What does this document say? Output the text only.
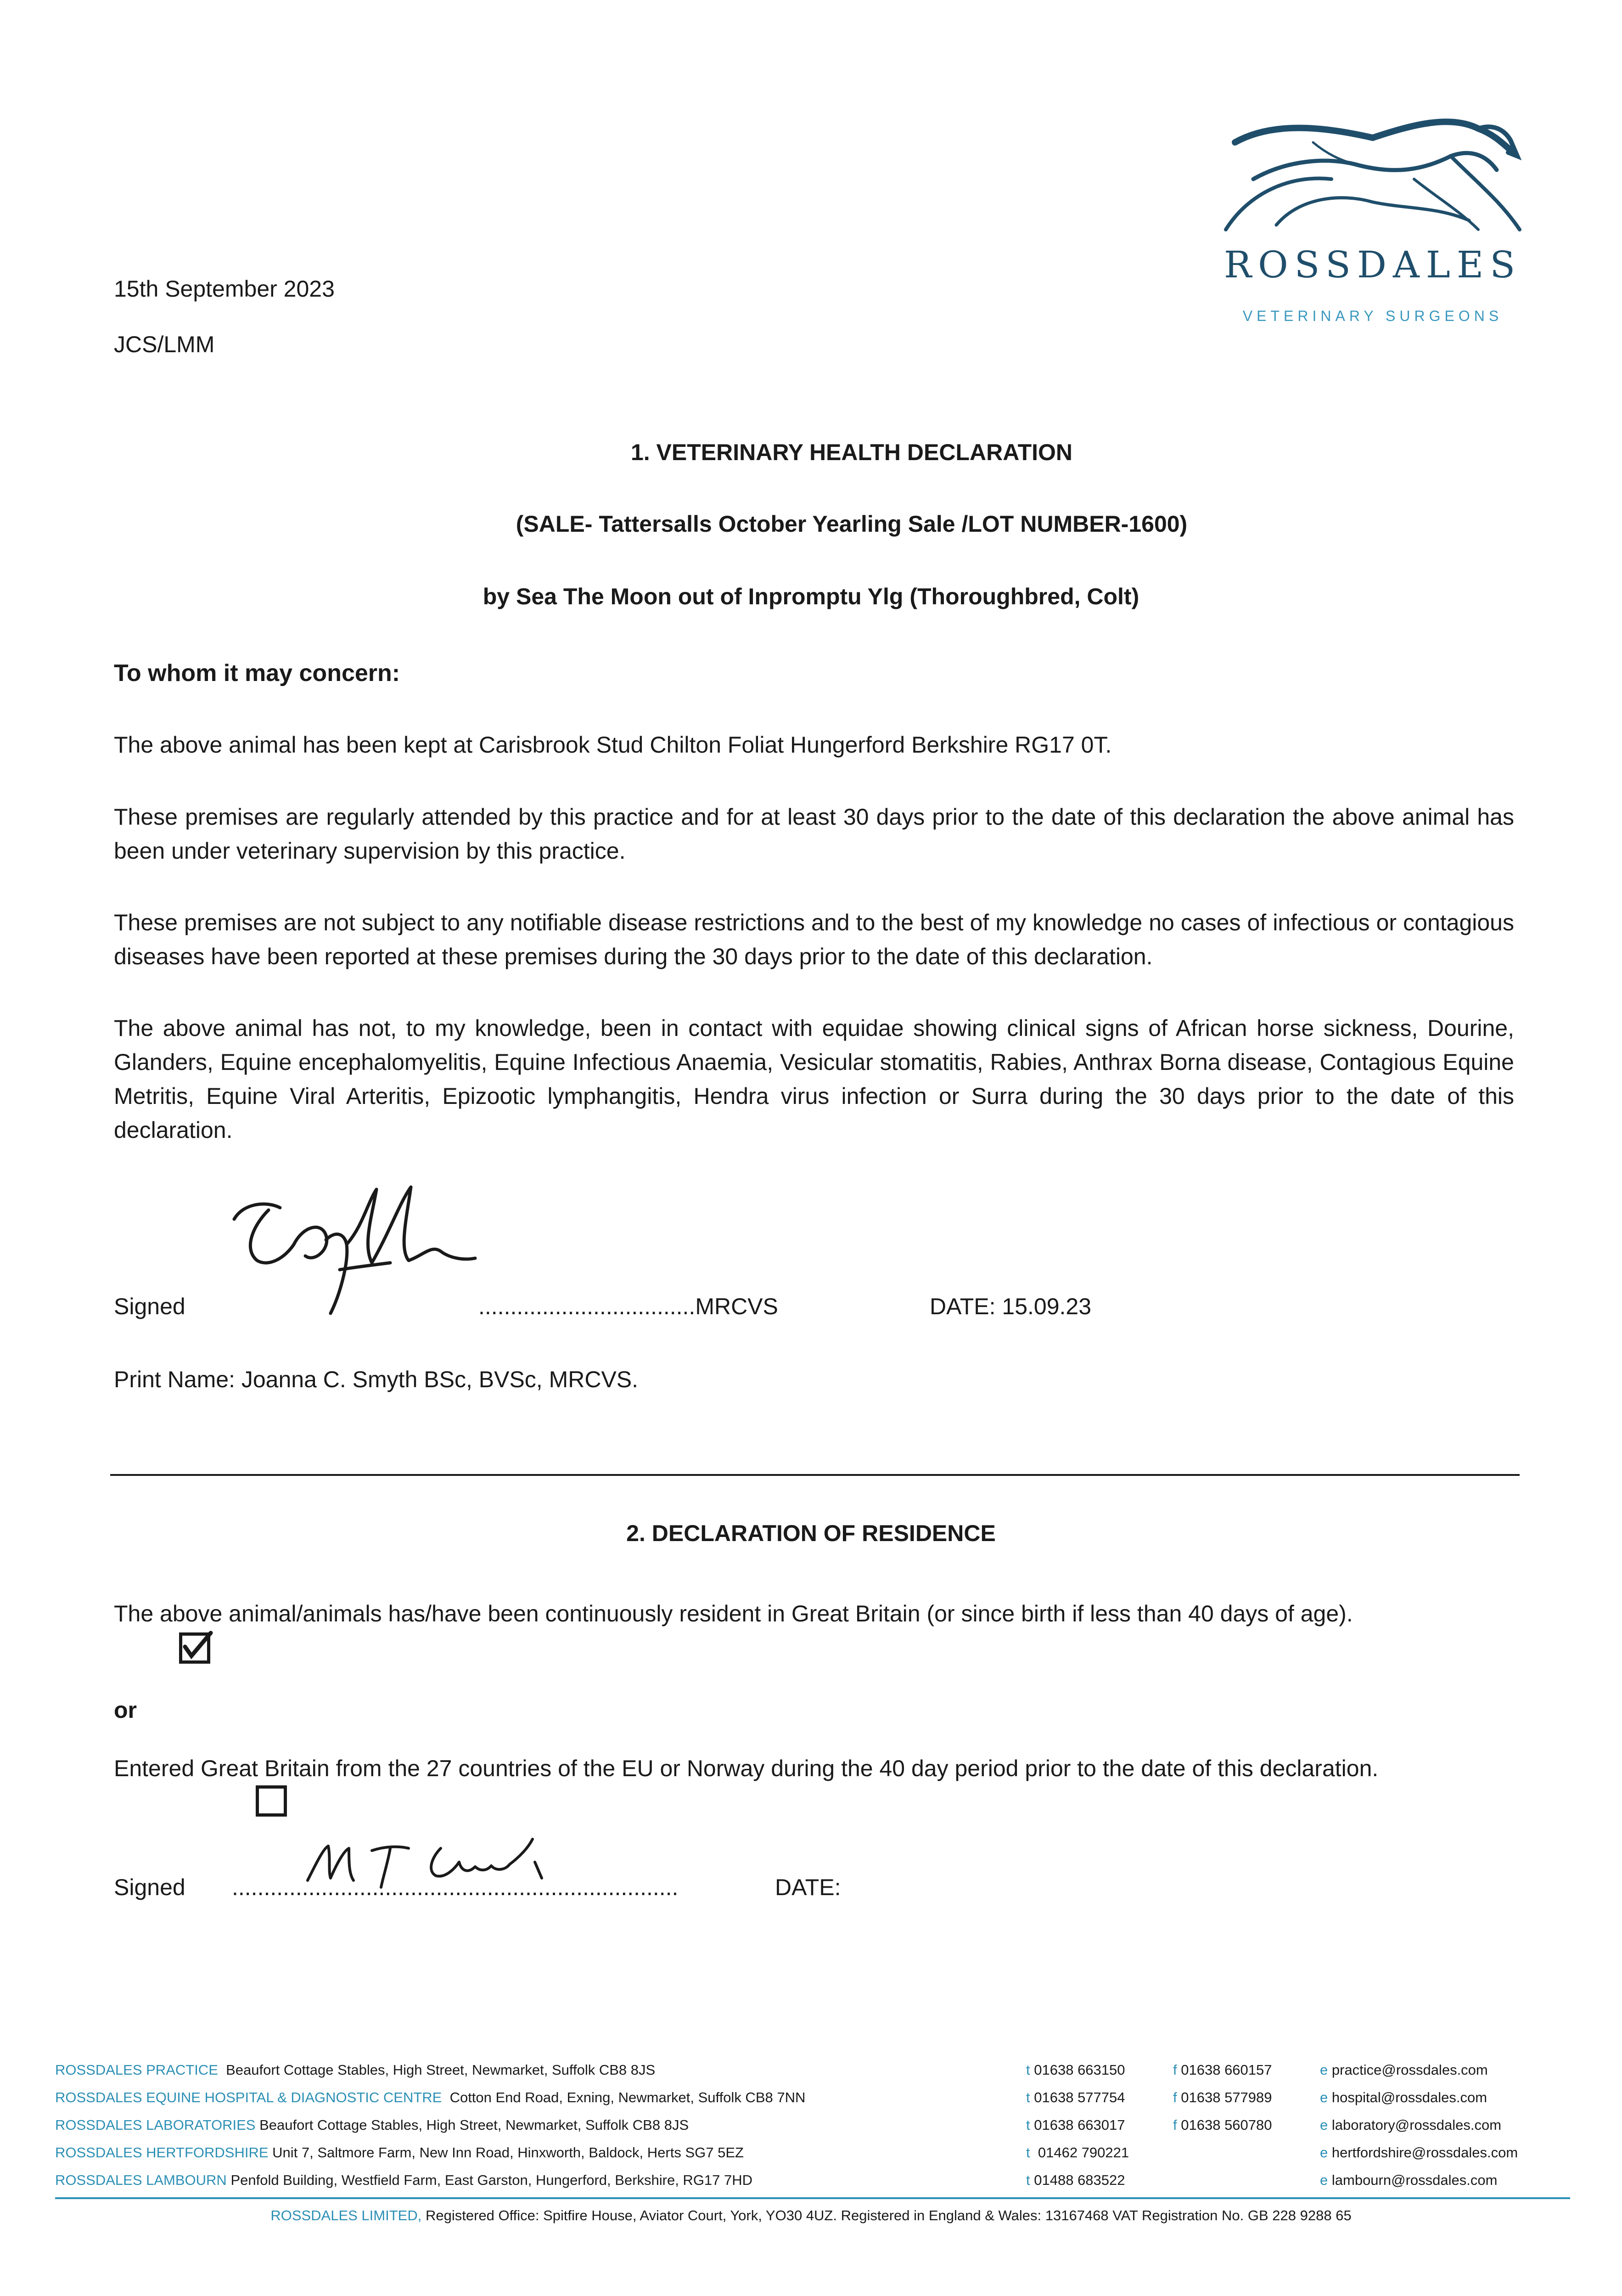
ROSSDALES
VETERINARY SURGEONS
15th September 2023
JCS/LMM
1. VETERINARY HEALTH DECLARATION
(SALE- Tattersalls October Yearling Sale /LOT NUMBER-1600)
by Sea The Moon out of Inpromptu Ylg (Thoroughbred, Colt)
To whom it may concern:
The above animal has been kept at Carisbrook Stud Chilton Foliat Hungerford Berkshire RG17 0T.
These premises are regularly attended by this practice and for at least 30 days prior to the date of this declaration the above animal has been under veterinary supervision by this practice.
These premises are not subject to any notifiable disease restrictions and to the best of my knowledge no cases of infectious or contagious diseases have been reported at these premises during the 30 days prior to the date of this declaration.
The above animal has not, to my knowledge, been in contact with equidae showing clinical signs of African horse sickness, Dourine, Glanders, Equine encephalomyelitis, Equine Infectious Anaemia, Vesicular stomatitis, Rabies, Anthrax Borna disease, Contagious Equine Metritis, Equine Viral Arteritis, Epizootic lymphangitis, Hendra virus infection or Surra during the 30 days prior to the date of this declaration.
Signed	..................................MRCVS	DATE: 15.09.23
Print Name: Joanna C. Smyth BSc, BVSc, MRCVS.
2. DECLARATION OF RESIDENCE
The above animal/animals has/have been continuously resident in Great Britain (or since birth if less than 40 days of age).
or
Entered Great Britain from the 27 countries of the EU or Norway during the 40 day period prior to the date of this declaration.
Signed ......................................................................	DATE:
ROSSDALES PRACTICE Beaufort Cottage Stables, High Street, Newmarket, Suffolk CB8 8JS	t 01638 663150	f 01638 660157	e practice@rossdales.com
ROSSDALES EQUINE HOSPITAL & DIAGNOSTIC CENTRE Cotton End Road, Exning, Newmarket, Suffolk CB8 7NN	t 01638 577754	f 01638 577989	e hospital@rossdales.com
ROSSDALES LABORATORIES Beaufort Cottage Stables, High Street, Newmarket, Suffolk CB8 8JS	t 01638 663017	f 01638 560780	e laboratory@rossdales.com
ROSSDALES HERTFORDSHIRE Unit 7, Saltmore Farm, New Inn Road, Hinxworth, Baldock, Herts SG7 5EZ	t 01462 790221	e hertfordshire@rossdales.com
ROSSDALES LAMBOURN Penfold Building, Westfield Farm, East Garston, Hungerford, Berkshire, RG17 7HD	t 01488 683522	e lambourn@rossdales.com
ROSSDALES LIMITED, Registered Office: Spitfire House, Aviator Court, York, YO30 4UZ. Registered in England & Wales: 13167468 VAT Registration No. GB 228 9288 65
